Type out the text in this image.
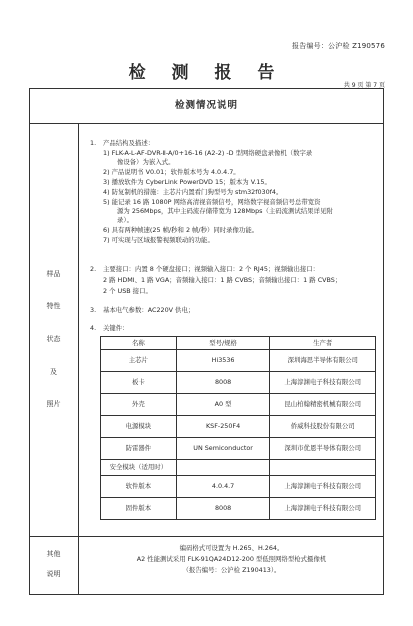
报告编号：公沪检 Z190576
检 测 报 告
共 9 页 第 7 页
检测情况说明
样品
特性
状态
及
照片
1. 产品结构及描述：
1) FLK-A-L-AF-DVR-Ⅱ-A/0+16-16 (A2-2) -D 型网络硬盘录像机（数字录
像设备）为嵌入式。
2) 产品说明书 V0.01；软件版本号为 4.0.4.7。
3) 播放软件为 CyberLink PowerDVD 15；版本为 V.15。
4) 防复制机的措施：主芯片内置看门狗型号为 stm32f030f4。
5) 能记录 16 路 1080P 网络高清视音频信号，网络数字视音频信号总带宽资
源为 256Mbps，其中主码流存储带宽为 128Mbps（主码流测试结果详见附
录）。
6) 具有两种帧速(25 帧/秒和 2 帧/秒）同时录像功能。
7) 可实现与区域报警视频联动的功能。
2. 主要接口：内置 8 个硬盘接口；视频输入接口：2 个 RJ45；视频输出接口：
2 路 HDMI、1 路 VGA；音频输入接口：1 路 CVBS；音频输出接口：1 路 CVBS；
2 个 USB 接口。
3. 基本电气参数：AC220V 供电；
4. 关键件：
名称	型号/规格	生产者
主芯片	Hi3536	深圳海思半导体有限公司
板卡	8008	上海淳渊电子科技有限公司
外壳	A0 型	昆山柏翰精密机械有限公司
电源模块	KSF-250F4	侨威科技股份有限公司
防雷器件	UN Semiconductor	深圳市优恩半导体有限公司
安全模块（适用时）		
软件版本	4.0.4.7	上海淳渊电子科技有限公司
固件版本	8008	上海淳渊电子科技有限公司
其他
说明
编码格式可设置为 H.265、H.264。
A2 性能测试采用 FLK-91QA24D12-200 型低照网络型枪式摄像机
（报告编号：公沪检 Z190413）。
